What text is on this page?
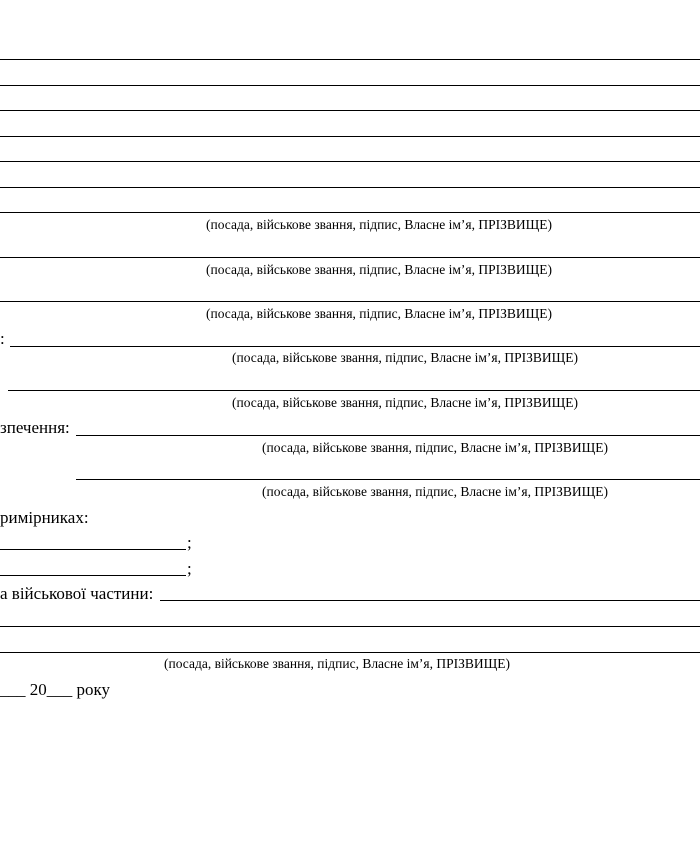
(посада, військове звання, підпис, Власне ім’я, ПРІЗВИЩЕ)
(посада, військове звання, підпис, Власне ім’я, ПРІЗВИЩЕ)
(посада, військове звання, підпис, Власне ім’я, ПРІЗВИЩЕ)
:
(посада, військове звання, підпис, Власне ім’я, ПРІЗВИЩЕ)
(посада, військове звання, підпис, Власне ім’я, ПРІЗВИЩЕ)
зпечення:
(посада, військове звання, підпис, Власне ім’я, ПРІЗВИЩЕ)
(посада, військове звання, підпис, Власне ім’я, ПРІЗВИЩЕ)
римірниках:
;
;
а військової частини:
(посада, військове звання, підпис, Власне ім’я, ПРІЗВИЩЕ)
___ 20___ року
